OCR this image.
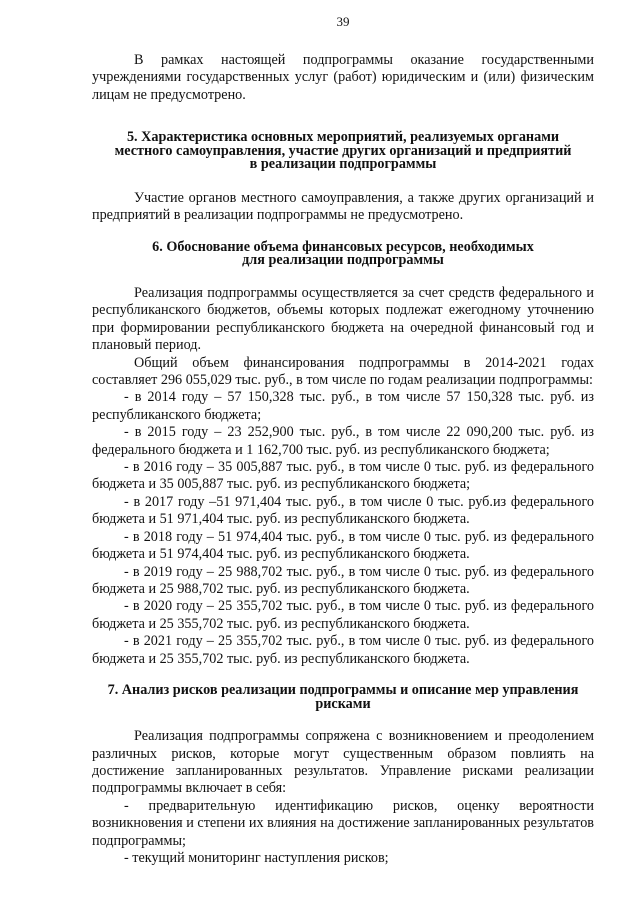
39

В рамках настоящей подпрограммы оказание государственными учреждениями государственных услуг (работ) юридическим и (или) физическим лицам не предусмотрено.

5. Характеристика основных мероприятий, реализуемых органами
местного самоуправления, участие других организаций и предприятий
в реализации подпрограммы

Участие органов местного самоуправления, а также других организаций и предприятий в реализации подпрограммы не предусмотрено.

6. Обоснование объема финансовых ресурсов, необходимых
для реализации подпрограммы

Реализация подпрограммы осуществляется за счет средств федерального и республиканского бюджетов, объемы которых подлежат ежегодному уточнению при формировании республиканского бюджета на очередной финансовый год и плановый период.

Общий объем финансирования подпрограммы в 2014-2021 годах составляет 296 055,029 тыс. руб., в том числе по годам реализации подпрограммы:

- в 2014 году – 57 150,328 тыс. руб., в том числе 57 150,328 тыс. руб. из республиканского бюджета;

- в 2015 году – 23 252,900 тыс. руб., в том числе 22 090,200 тыс. руб. из федерального бюджета и 1 162,700 тыс. руб. из республиканского бюджета;

- в 2016 году – 35 005,887 тыс. руб., в том числе 0 тыс. руб. из федерального бюджета и 35 005,887 тыс. руб. из республиканского бюджета;

- в 2017 году –51 971,404 тыс. руб., в том числе 0 тыс. руб.из федерального бюджета и 51 971,404 тыс. руб. из республиканского бюджета.

- в 2018 году – 51 974,404 тыс. руб., в том числе 0 тыс. руб. из федерального бюджета и 51 974,404 тыс. руб. из республиканского бюджета.

- в 2019 году – 25 988,702 тыс. руб., в том числе 0 тыс. руб. из федерального бюджета и 25 988,702 тыс. руб. из республиканского бюджета.

- в 2020 году – 25 355,702 тыс. руб., в том числе 0 тыс. руб. из федерального бюджета и 25 355,702 тыс. руб. из республиканского бюджета.

- в 2021 году – 25 355,702 тыс. руб., в том числе 0 тыс. руб. из федерального бюджета и 25 355,702 тыс. руб. из республиканского бюджета.

7. Анализ рисков реализации подпрограммы и описание мер управления
рисками

Реализация подпрограммы сопряжена с возникновением и преодолением различных рисков, которые могут существенным образом повлиять на достижение запланированных результатов. Управление рисками реализации подпрограммы включает в себя:

- предварительную идентификацию рисков, оценку вероятности возникновения и степени их влияния на достижение запланированных результатов подпрограммы;

- текущий мониторинг наступления рисков;
